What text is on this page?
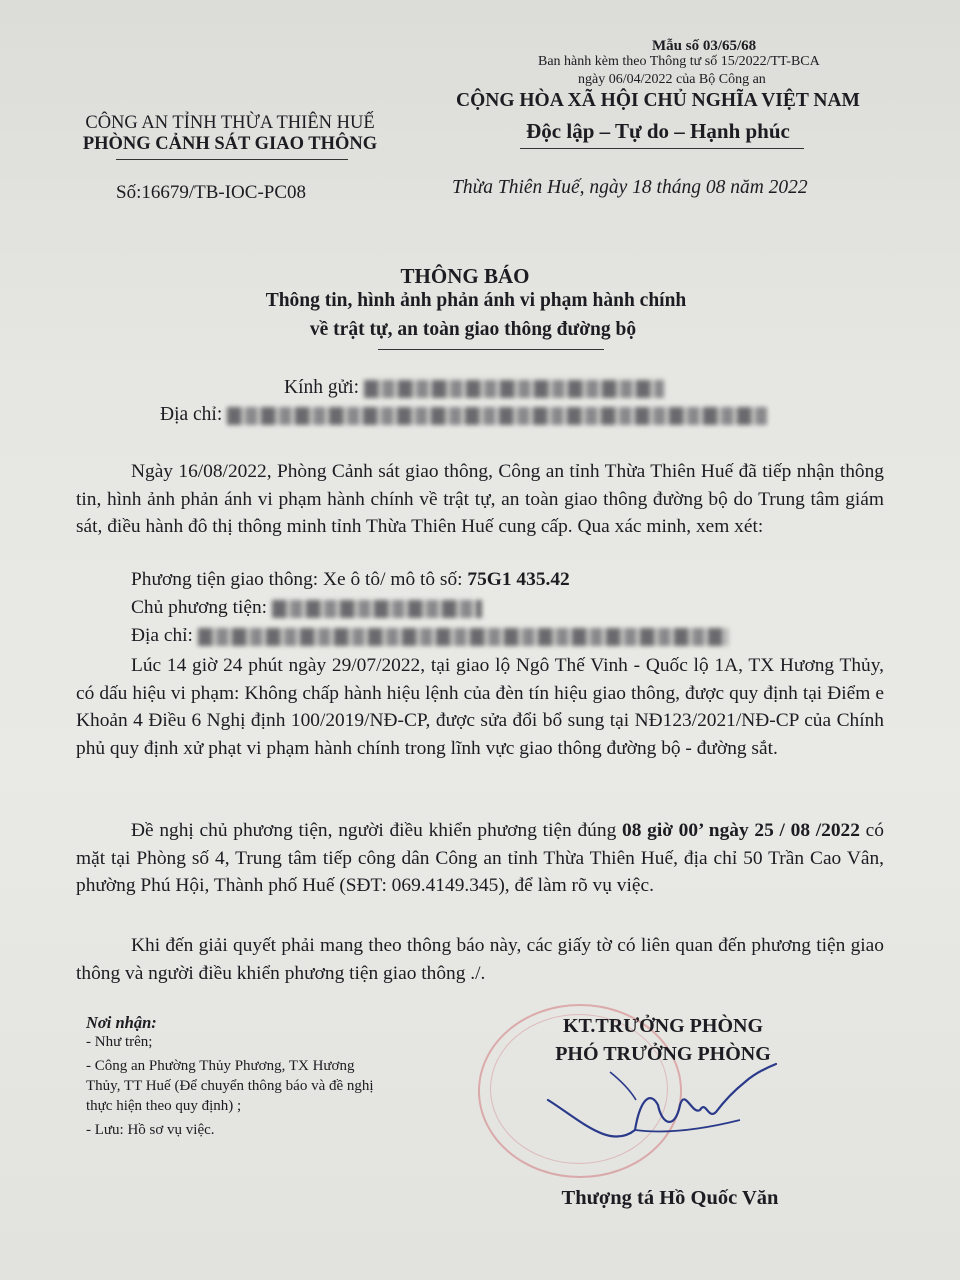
Mẫu số 03/65/68
Ban hành kèm theo Thông tư số 15/2022/TT-BCA
ngày 06/04/2022 của Bộ Công an
CÔNG AN TỈNH THỪA THIÊN HUẾ
PHÒNG CẢNH SÁT GIAO THÔNG
CỘNG HÒA XÃ HỘI CHỦ NGHĨA VIỆT NAM
Độc lập – Tự do – Hạnh phúc
Số:16679/TB-IOC-PC08	Thừa Thiên Huế, ngày 18 tháng 08 năm 2022
THÔNG BÁO
Thông tin, hình ảnh phản ánh vi phạm hành chính
về trật tự, an toàn giao thông đường bộ
Kính gửi:
Địa chỉ:
Ngày 16/08/2022, Phòng Cảnh sát giao thông, Công an tỉnh Thừa Thiên Huế đã tiếp nhận thông tin, hình ảnh phản ánh vi phạm hành chính về trật tự, an toàn giao thông đường bộ do Trung tâm giám sát, điều hành đô thị thông minh tỉnh Thừa Thiên Huế cung cấp. Qua xác minh, xem xét:
Phương tiện giao thông: Xe ô tô/ mô tô số: 75G1 435.42
Chủ phương tiện:
Địa chỉ:
Lúc 14 giờ 24 phút ngày 29/07/2022, tại giao lộ Ngô Thế Vinh - Quốc lộ 1A, TX Hương Thủy, có dấu hiệu vi phạm: Không chấp hành hiệu lệnh của đèn tín hiệu giao thông, được quy định tại Điểm e Khoản 4 Điều 6 Nghị định 100/2019/NĐ-CP, được sửa đổi bổ sung tại NĐ123/2021/NĐ-CP của Chính phủ quy định xử phạt vi phạm hành chính trong lĩnh vực giao thông đường bộ - đường sắt.
Đề nghị chủ phương tiện, người điều khiển phương tiện đúng 08 giờ 00’ ngày 25 / 08 /2022 có mặt tại Phòng số 4, Trung tâm tiếp công dân Công an tỉnh Thừa Thiên Huế, địa chỉ 50 Trần Cao Vân, phường Phú Hội, Thành phố Huế (SĐT: 069.4149.345), để làm rõ vụ việc.
Khi đến giải quyết phải mang theo thông báo này, các giấy tờ có liên quan đến phương tiện giao thông và người điều khiển phương tiện giao thông ./.
Nơi nhận:
- Như trên;
- Công an Phường Thủy Phương, TX Hương
Thủy, TT Huế (Để chuyển thông báo và đề nghị
thực hiện theo quy định) ;
- Lưu: Hồ sơ vụ việc.
KT.TRƯỞNG PHÒNG
PHÓ TRƯỞNG PHÒNG
Thượng tá Hồ Quốc Văn
